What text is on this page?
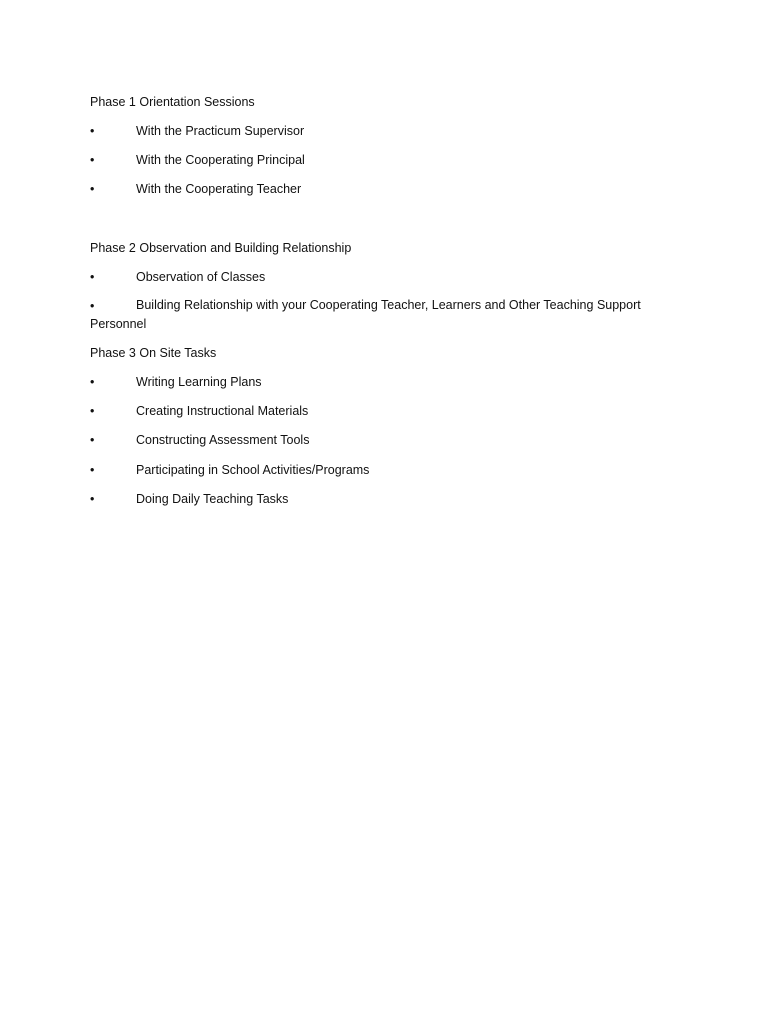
Phase 1 Orientation Sessions
•	With the Practicum Supervisor
•	With the Cooperating Principal
•	With the Cooperating Teacher
Phase 2 Observation and Building Relationship
•	Observation of Classes
•	Building Relationship with your Cooperating Teacher, Learners and Other Teaching Support Personnel
Phase 3 On Site Tasks
•	Writing Learning Plans
•	Creating Instructional Materials
•	Constructing Assessment Tools
•	Participating in School Activities/Programs
•	Doing Daily Teaching Tasks
